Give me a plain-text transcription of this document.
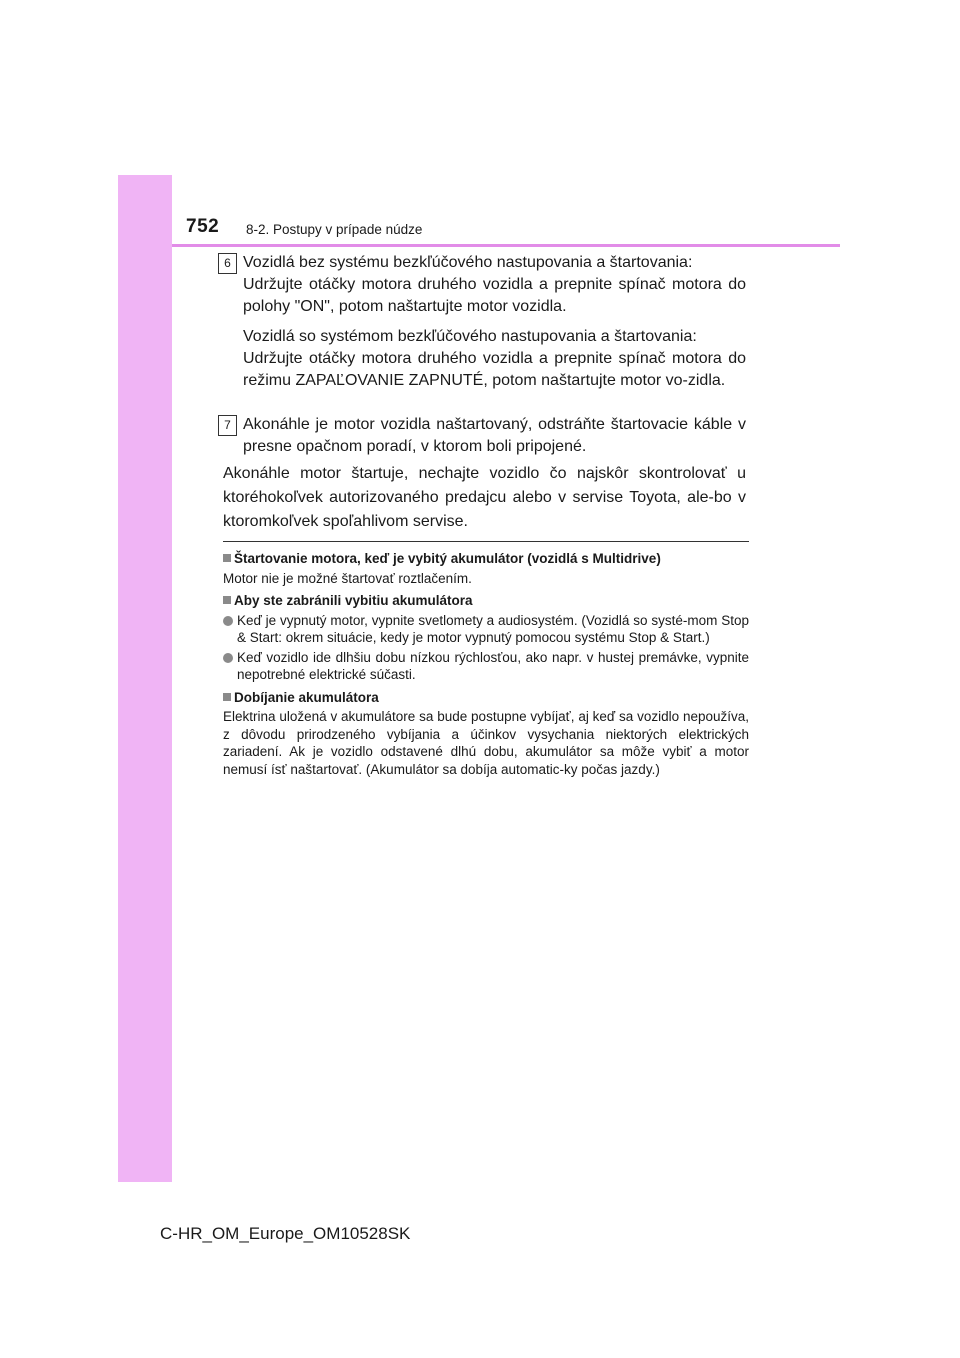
752 8-2. Postupy v prípade núdze
6 Vozidlá bez systému bezkľúčového nastupovania a štartovania:

Udržujte otáčky motora druhého vozidla a prepnite spínač motora do polohy "ON", potom naštartujte motor vozidla.

Vozidlá so systémom bezkľúčového nastupovania a štartovania:

Udržujte otáčky motora druhého vozidla a prepnite spínač motora do režimu ZAPAĽOVANIE ZAPNUTÉ, potom naštartujte motor vo-zidla.

7 Akonáhle je motor vozidla naštartovaný, odstráňte štartovacie káble v presne opačnom poradí, v ktorom boli pripojené.

Akonáhle motor štartuje, nechajte vozidlo čo najskôr skontrolovať u ktoréhokoľvek autorizovaného predajcu alebo v servise Toyota, ale-bo v ktoromkoľvek spoľahlivom servise.
Štartovanie motora, keď je vybitý akumulátor (vozidlá s Multidrive)

Motor nie je možné štartovať roztlačením.

Aby ste zabránili vybitiu akumulátora
Keď je vypnutý motor, vypnite svetlomety a audiosystém. (Vozidlá so systé-mom Stop & Start: okrem situácie, kedy je motor vypnutý pomocou systému Stop & Start.)
Keď vozidlo ide dlhšiu dobu nízkou rýchlosťou, ako napr. v hustej premávke, vypnite nepotrebné elektrické súčasti.
Dobíjanie akumulátora

Elektrina uložená v akumulátore sa bude postupne vybíjať, aj keď sa vozidlo nepoužíva, z dôvodu prirodzeného vybíjania a účinkov vysychania niektorých elektrických zariadení. Ak je vozidlo odstavené dlhú dobu, akumulátor sa môže vybiť a motor nemusí ísť naštartovať. (Akumulátor sa dobíja automatic-ky počas jazdy.)

C-HR_OM_Europe_OM10528SK
